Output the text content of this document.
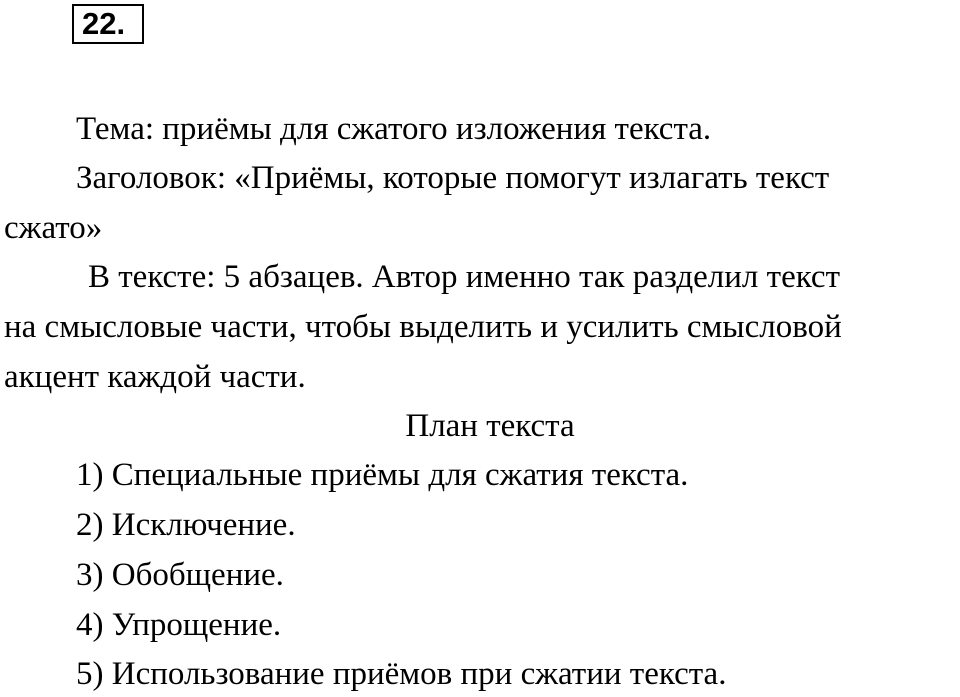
22.
Тема: приёмы для сжатого изложения текста.
Заголовок: «Приёмы, которые помогут излагать текст
сжато»
В тексте: 5 абзацев. Автор именно так разделил текст
на смысловые части, чтобы выделить и усилить смысловой
акцент каждой части.
План текста
1) Специальные приёмы для сжатия текста.
2) Исключение.
3) Обобщение.
4) Упрощение.
5) Использование приёмов при сжатии текста.
